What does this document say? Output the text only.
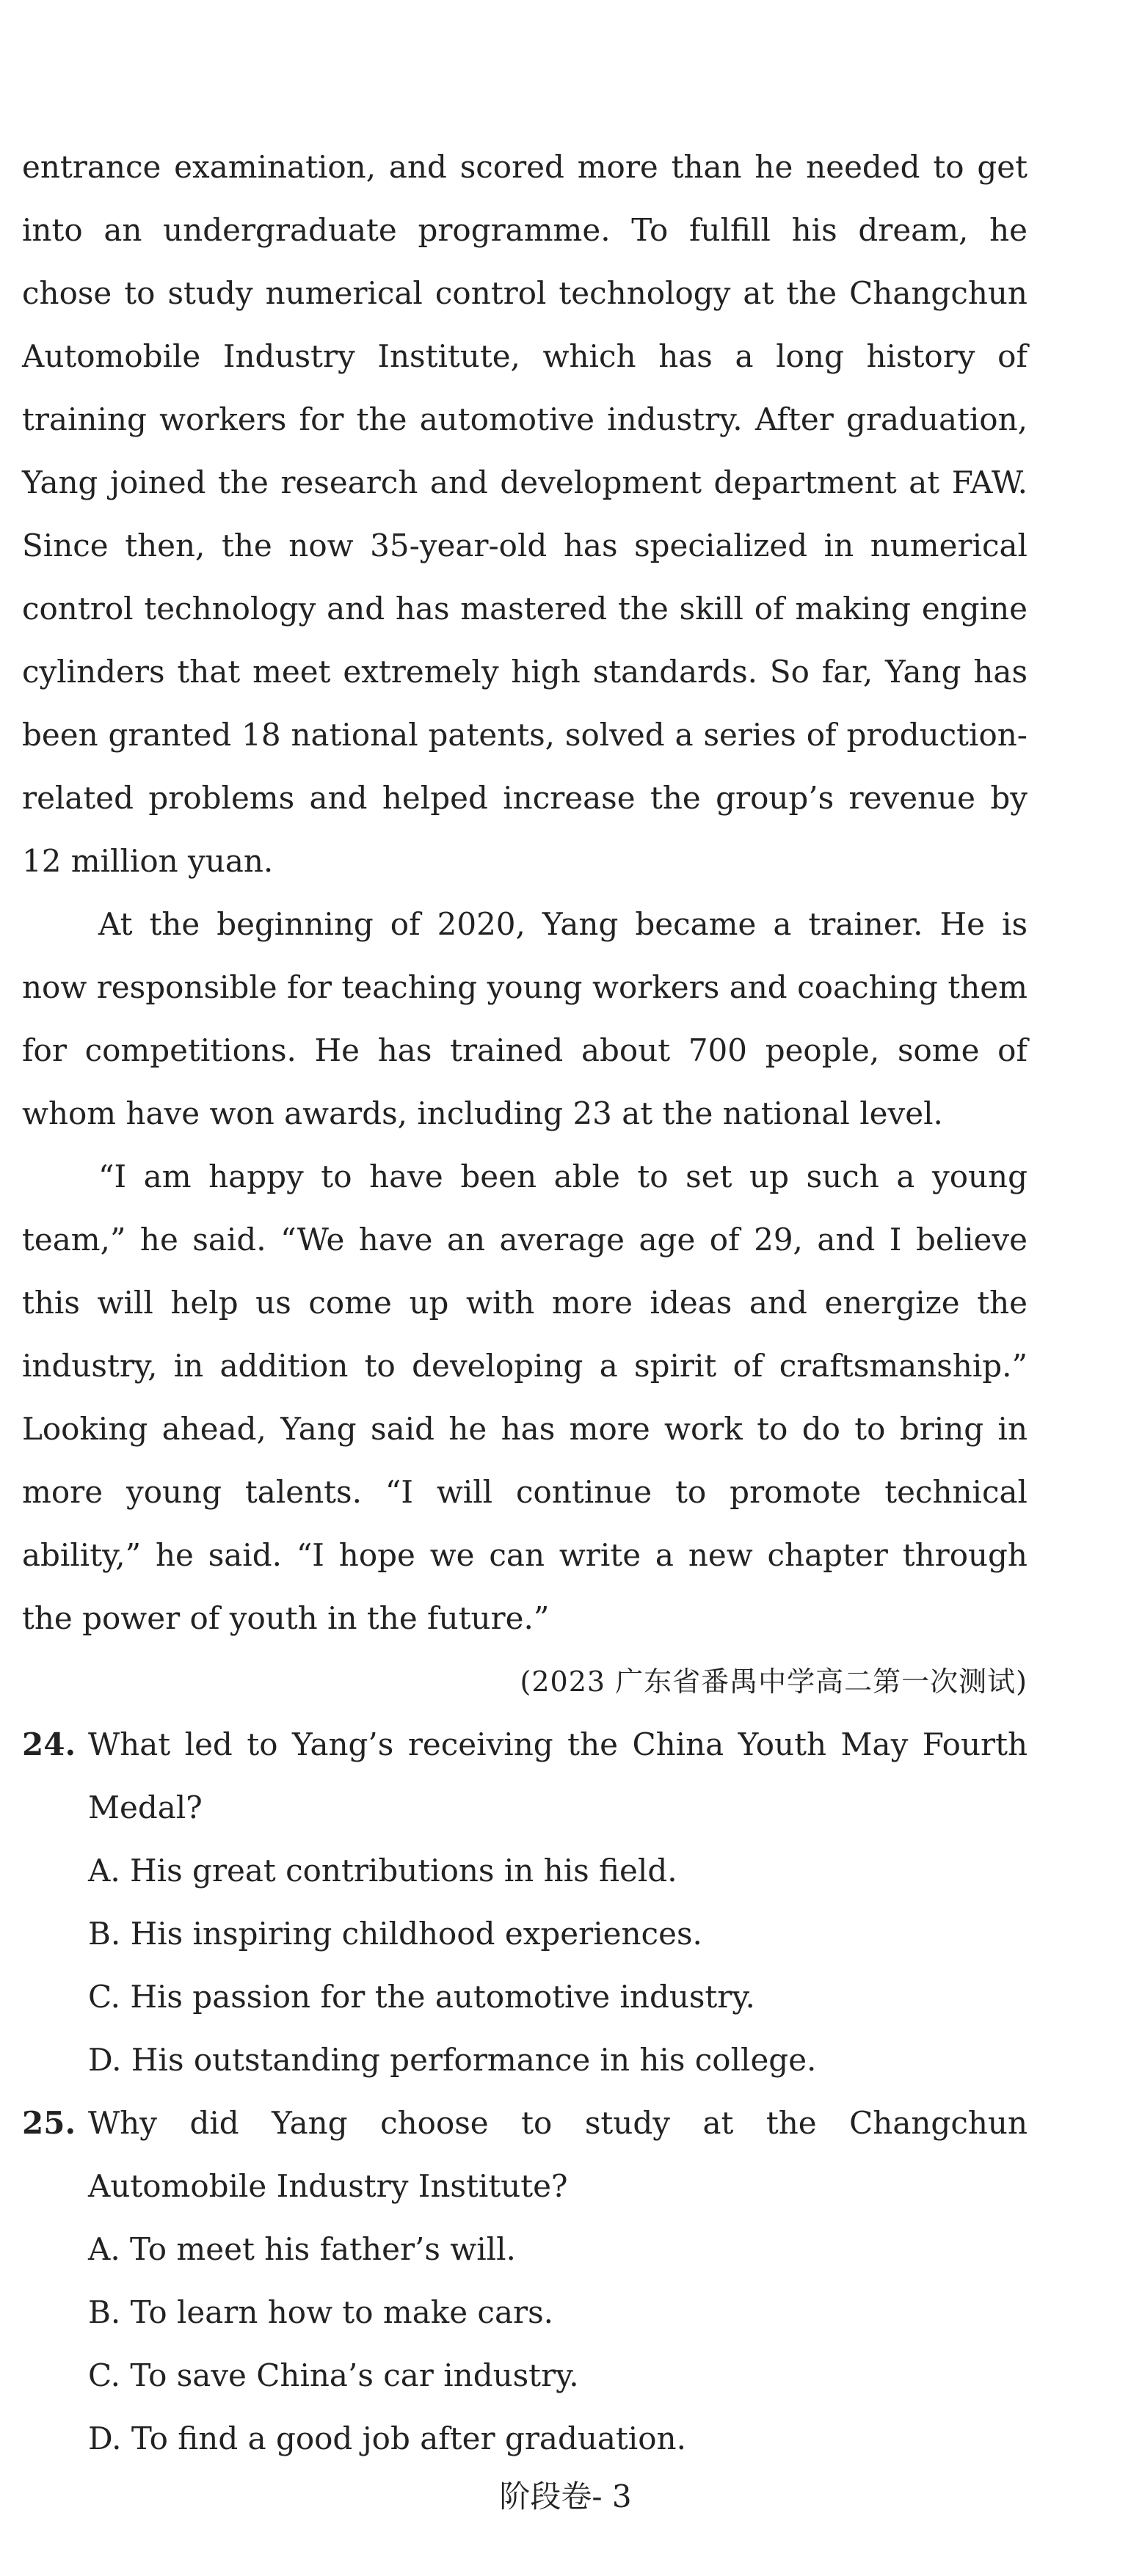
entrance examination, and scored more than he needed to get into an undergraduate programme. To fulfill his dream, he chose to study numerical control technology at the Changchun Automobile Industry Institute, which has a long history of training workers for the automotive industry. After graduation, Yang joined the research and development department at FAW. Since then, the now 35-year-old has specialized in numerical control technology and has mastered the skill of making engine cylinders that meet extremely high standards. So far, Yang has been granted 18 national patents, solved a series of production-related problems and helped increase the group’s revenue by 12 million yuan.

At the beginning of 2020, Yang became a trainer. He is now responsible for teaching young workers and coaching them for competitions. He has trained about 700 people, some of whom have won awards, including 23 at the national level.

“I am happy to have been able to set up such a young team,” he said. “We have an average age of 29, and I believe this will help us come up with more ideas and energize the industry, in addition to developing a spirit of craftsmanship.” Looking ahead, Yang said he has more work to do to bring in more young talents. “I will continue to promote technical ability,” he said. “I hope we can write a new chapter through the power of youth in the future.”

(2023 广东省番禺中学高二第一次测试)

24. What led to Yang’s receiving the China Youth May Fourth Medal?

A. His great contributions in his field.
B. His inspiring childhood experiences.
C. His passion for the automotive industry.
D. His outstanding performance in his college.

25. Why did Yang choose to study at the Changchun Automobile Industry Institute?

A. To meet his father’s will.
B. To learn how to make cars.
C. To save China’s car industry.
D. To find a good job after graduation.
阶段卷- 3
